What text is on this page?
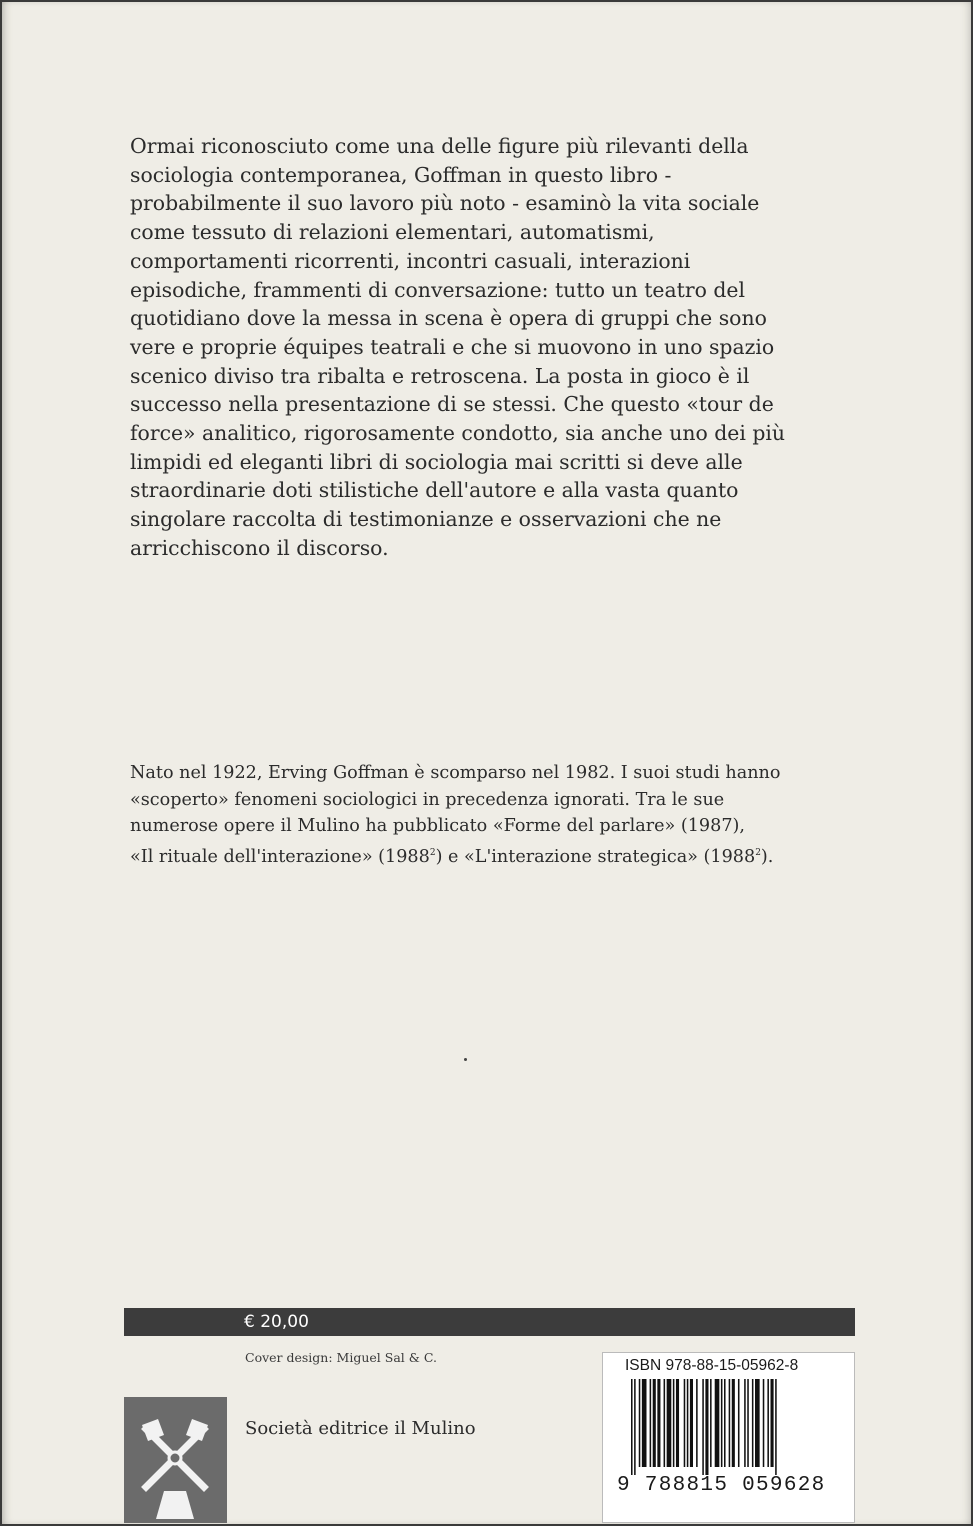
Ormai riconosciuto come una delle figure più rilevanti della
sociologia contemporanea, Goffman in questo libro -
probabilmente il suo lavoro più noto - esaminò la vita sociale
come tessuto di relazioni elementari, automatismi,
comportamenti ricorrenti, incontri casuali, interazioni
episodiche, frammenti di conversazione: tutto un teatro del
quotidiano dove la messa in scena è opera di gruppi che sono
vere e proprie équipes teatrali e che si muovono in uno spazio
scenico diviso tra ribalta e retroscena. La posta in gioco è il
successo nella presentazione di se stessi. Che questo «tour de
force» analitico, rigorosamente condotto, sia anche uno dei più
limpidi ed eleganti libri di sociologia mai scritti si deve alle
straordinarie doti stilistiche dell'autore e alla vasta quanto
singolare raccolta di testimonianze e osservazioni che ne
arricchiscono il discorso.
Nato nel 1922, Erving Goffman è scomparso nel 1982. I suoi studi hanno
«scoperto» fenomeni sociologici in precedenza ignorati. Tra le sue
numerose opere il Mulino ha pubblicato «Forme del parlare» (1987),
«Il rituale dell'interazione» (1988$^2$) e «L'interazione strategica» (1988$^2$).
€ 20,00
Cover design: Miguel Sal & C.
Società editrice il Mulino
ISBN 978-88-15-05962-8
9 788815 059628
